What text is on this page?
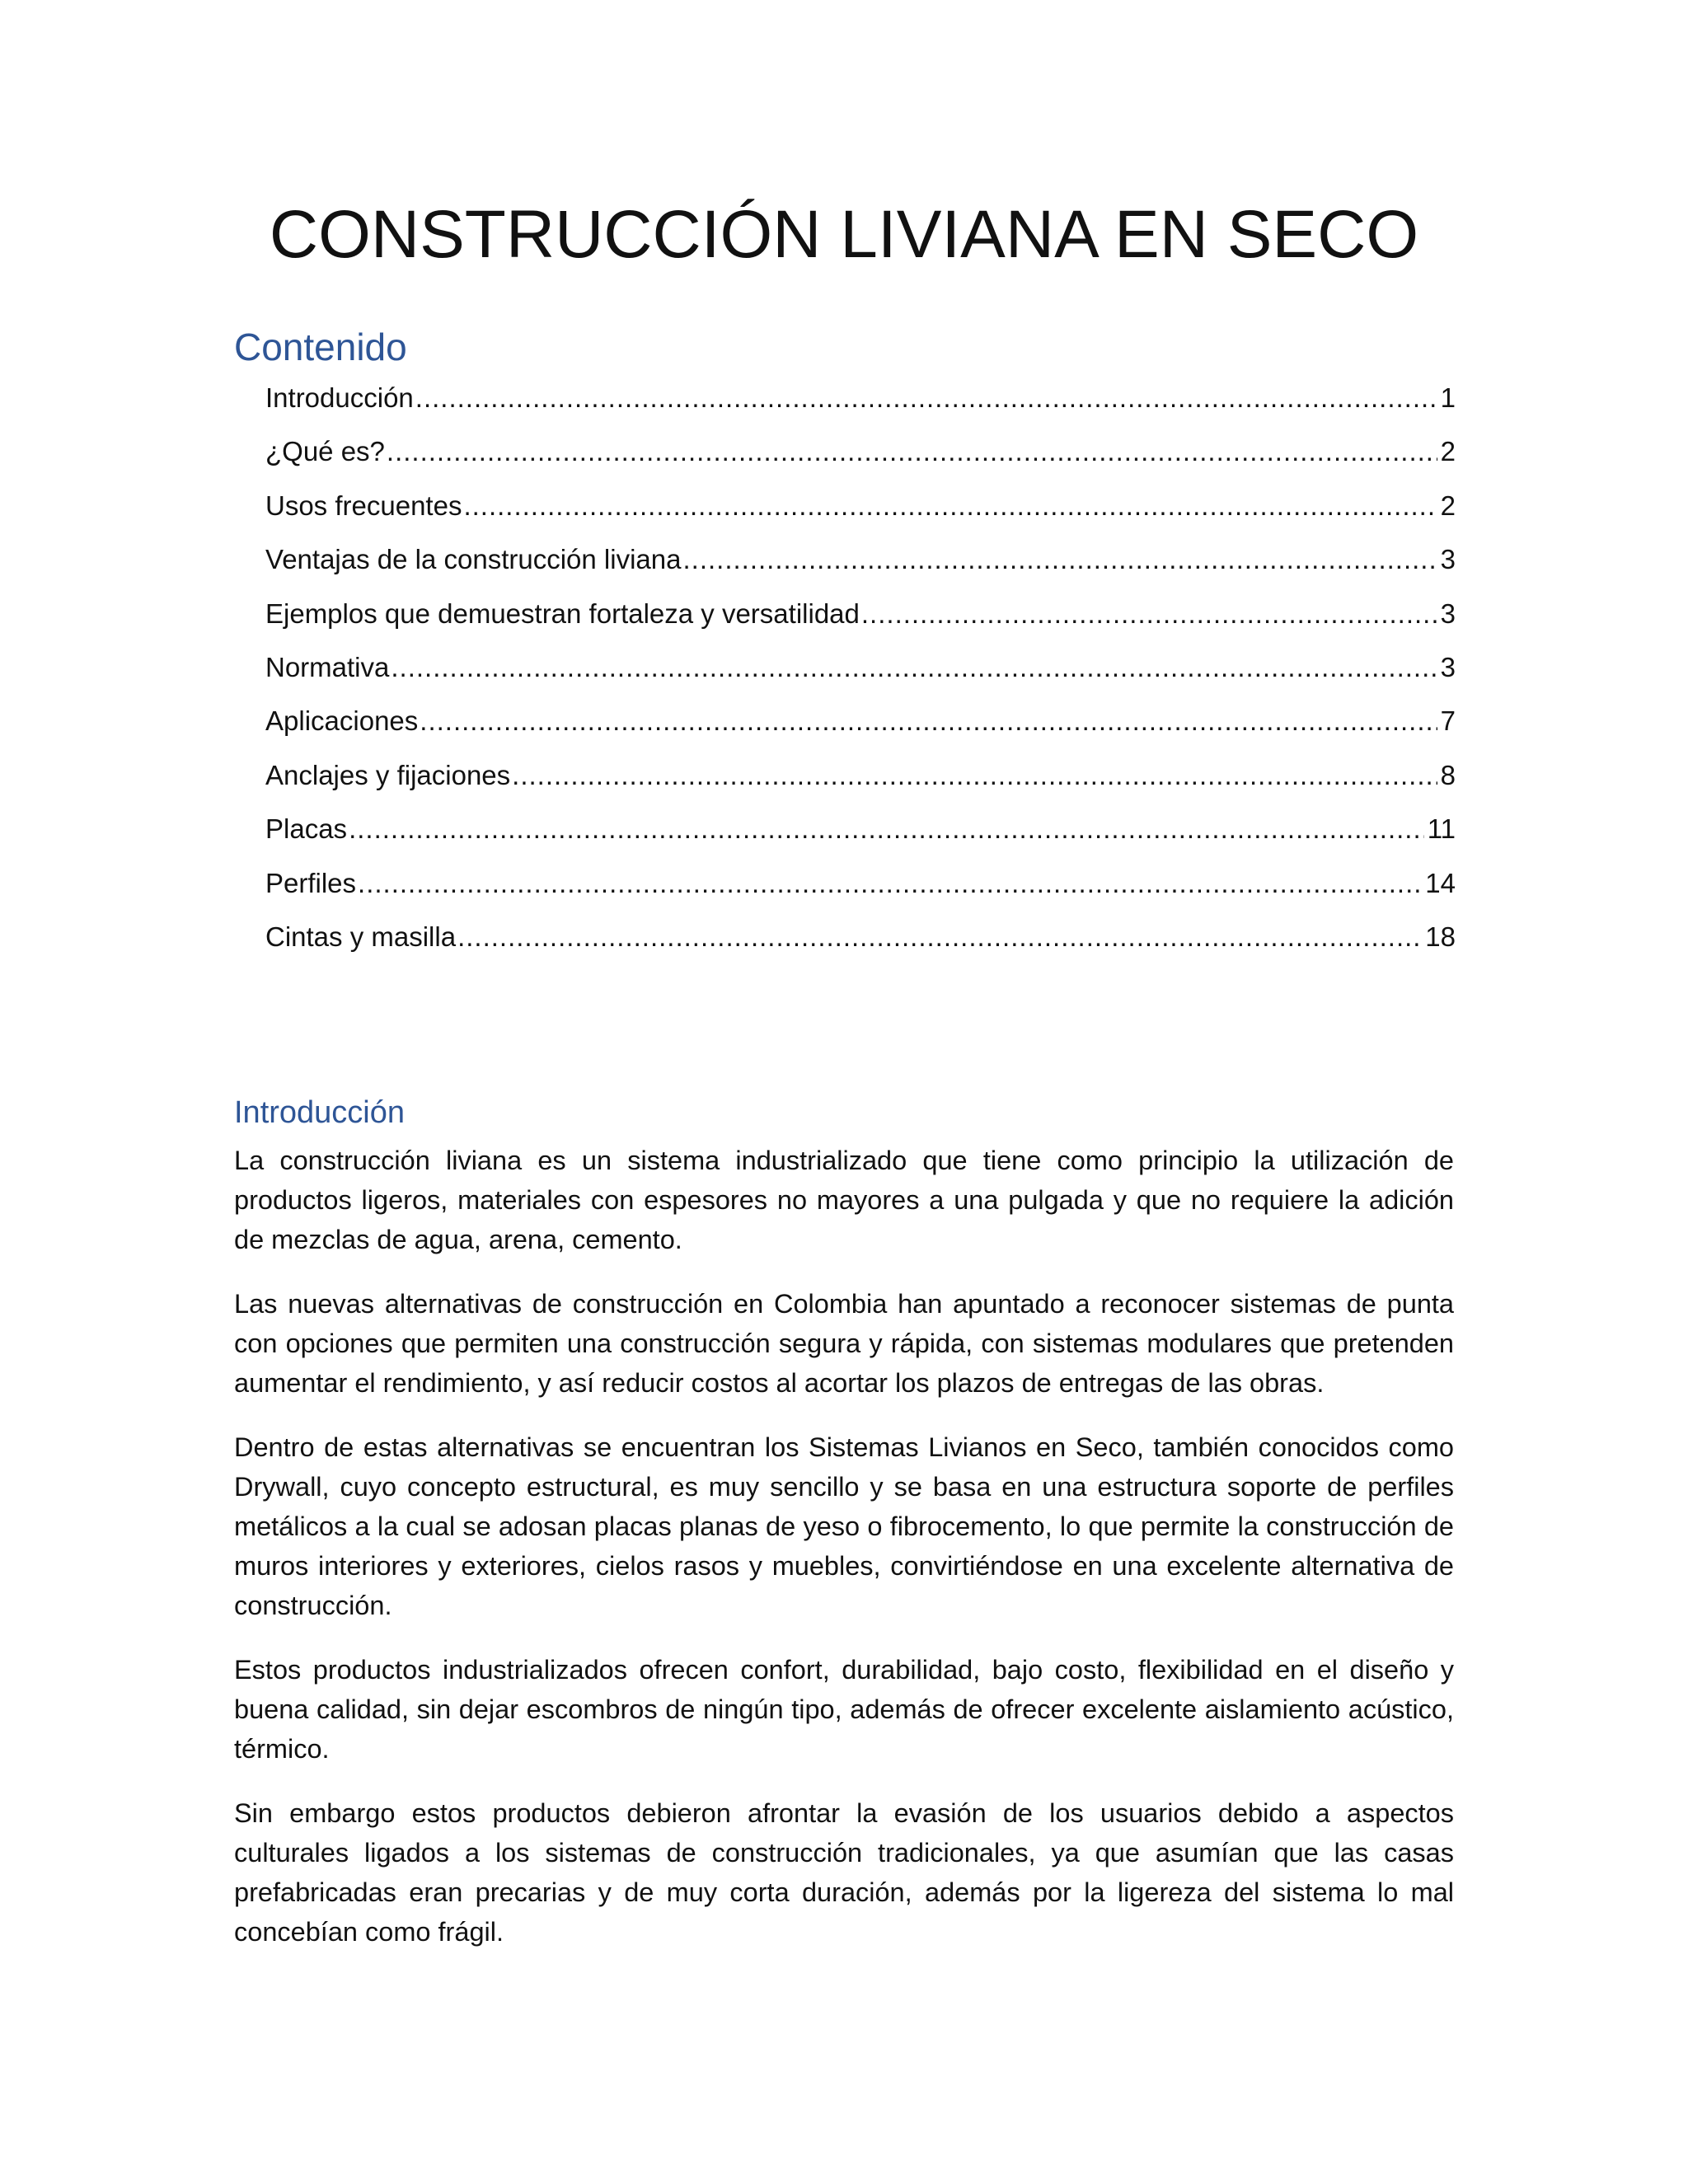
CONSTRUCCIÓN LIVIANA EN SECO
Contenido
Introducción .....	1
¿Qué es? .....	2
Usos frecuentes .....	2
Ventajas de la construcción liviana .....	3
Ejemplos que demuestran fortaleza y versatilidad .....	3
Normativa .....	3
Aplicaciones .....	7
Anclajes y fijaciones .....	8
Placas .....	11
Perfiles .....	14
Cintas y masilla .....	18
Introducción

La construcción liviana es un sistema industrializado que tiene como principio la utilización de productos ligeros, materiales con espesores no mayores a una pulgada y que no requiere la adición de mezclas de agua, arena, cemento.

Las nuevas alternativas de construcción en Colombia han apuntado a reconocer sistemas de punta con opciones que permiten una construcción segura y rápida, con sistemas modulares que pretenden aumentar el rendimiento, y así reducir costos al acortar los plazos de entregas de las obras.

Dentro de estas alternativas se encuentran los Sistemas Livianos en Seco, también conocidos como Drywall, cuyo concepto estructural, es muy sencillo y se basa en una estructura soporte de perfiles metálicos a la cual se adosan placas planas de yeso o fibrocemento, lo que permite la construcción de muros interiores y exteriores, cielos rasos y muebles, convirtiéndose en una excelente alternativa de construcción.

Estos productos industrializados ofrecen confort, durabilidad, bajo costo, flexibilidad en el diseño y buena calidad, sin dejar escombros de ningún tipo, además de ofrecer excelente aislamiento acústico, térmico.

Sin embargo estos productos debieron afrontar la evasión de los usuarios debido a aspectos culturales ligados a los sistemas de construcción tradicionales, ya que asumían que las casas prefabricadas eran precarias y de muy corta duración, además por la ligereza del sistema lo mal concebían como frágil.
